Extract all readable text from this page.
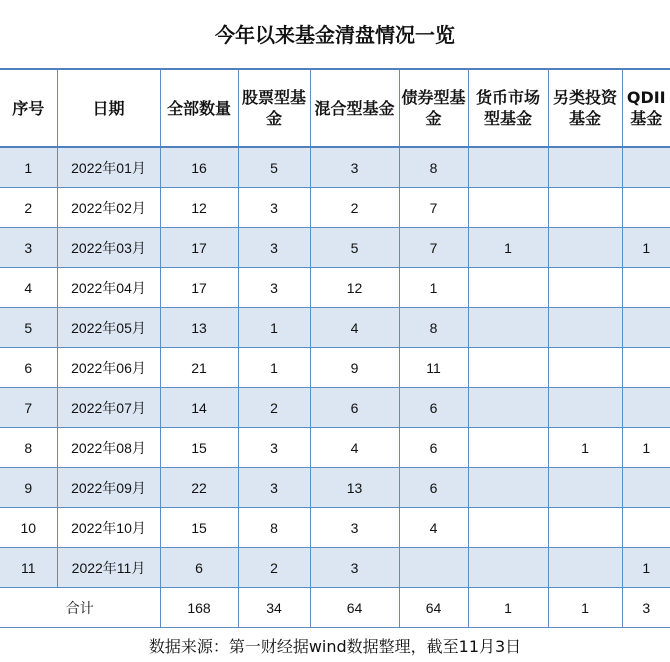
今年以来基金清盘情况一览
序号	日期	全部数量	股票型基金	混合型基金	债券型基金	货币市场型基金	另类投资基金	QDII基金
1	2022年01月	16	5	3	8			
2	2022年02月	12	3	2	7			
3	2022年03月	17	3	5	7	1		1
4	2022年04月	17	3	12	1			
5	2022年05月	13	1	4	8			
6	2022年06月	21	1	9	11			
7	2022年07月	14	2	6	6			
8	2022年08月	15	3	4	6		1	1
9	2022年09月	22	3	13	6			
10	2022年10月	15	8	3	4			
11	2022年11月	6	2	3				1
合计		168	34	64	64	1	1	3
数据来源：第一财经据wind数据整理，截至11月3日
